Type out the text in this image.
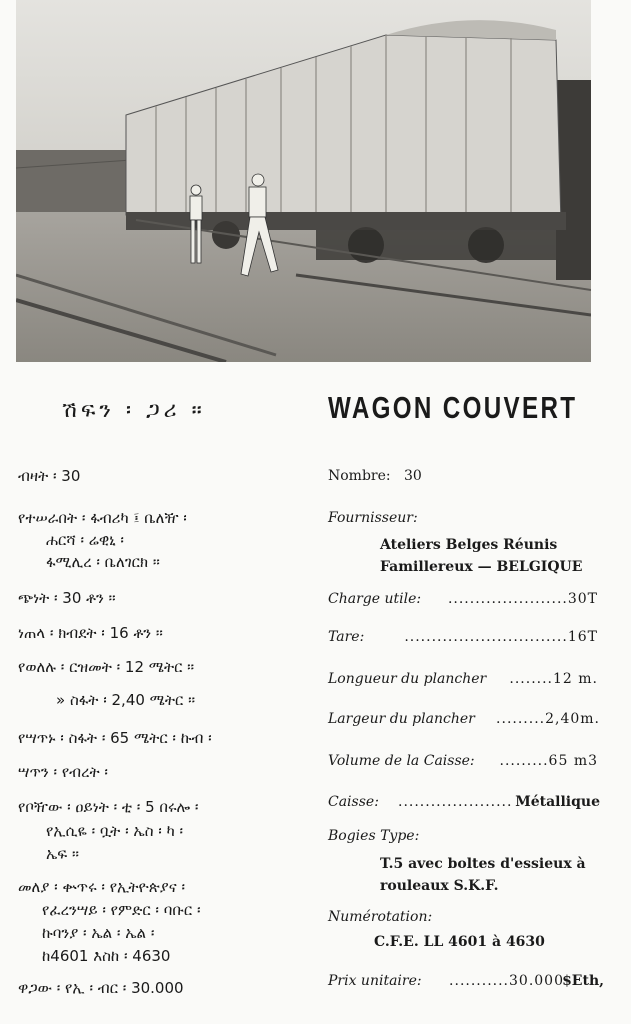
ሽፍን ፡ ጋሪ ።	WAGON COUVERT
ብዛት ፡ 30
የተሠራበት ፡ ፋብሪካ ፤ ቤለዥ ፡
ሐርሻ ፡ ሬዊኒ ፡
ፋሚሊረ ፡ ቤለገርክ ።
ጭነት ፡ 30 ቶን ።
ነጠላ ፡ ክብደት ፡ 16 ቶን ።
የወለሉ ፡ ርዝመት ፡ 12 ሜትር ።
» ስፋት ፡ 2,40 ሜትር ።
የሣጥኑ ፡ ስፋት ፡ 65 ሜትር ፡ ኩብ ፡
ሣጥን ፡ የብረት ፡
የቦዥው ፡ ዐይነት ፡ ቲ ፡ 5 በሩሎ ፡
የኢሲዬ ፡ ቧት ፡ ኤስ ፡ ካ ፡
ኤፍ ።
መለያ ፡ ቍጥሩ ፡ የኢትዮጵያና ፡
የፈረንሣይ ፡ የምድር ፡ ባቡር ፡
ኩባንያ ፡ ኤል ፡ ኤል ፡
ከ4601 እስከ ፡ 4630
ዋጋው ፡ የኢ ፡ ብር ፡ 30.000
Nombre: 30
Fournisseur:
Ateliers Belges Réunis
Famillereux — BELGIQUE
Charge utile: ......................30T
Tare:	..............................16T
Longueur du plancher ........12 m.
Largeur du plancher .........2,40m.
Volume de la Caisse: .........65 m3
Caisse: ..................... Métallique
Bogies Type:
T.5 avec boltes d'essieux à
rouleaux S.K.F.
Numérotation:
C.F.E. LL 4601 à 4630
Prix unitaire: ...........30.000
$Eth,
